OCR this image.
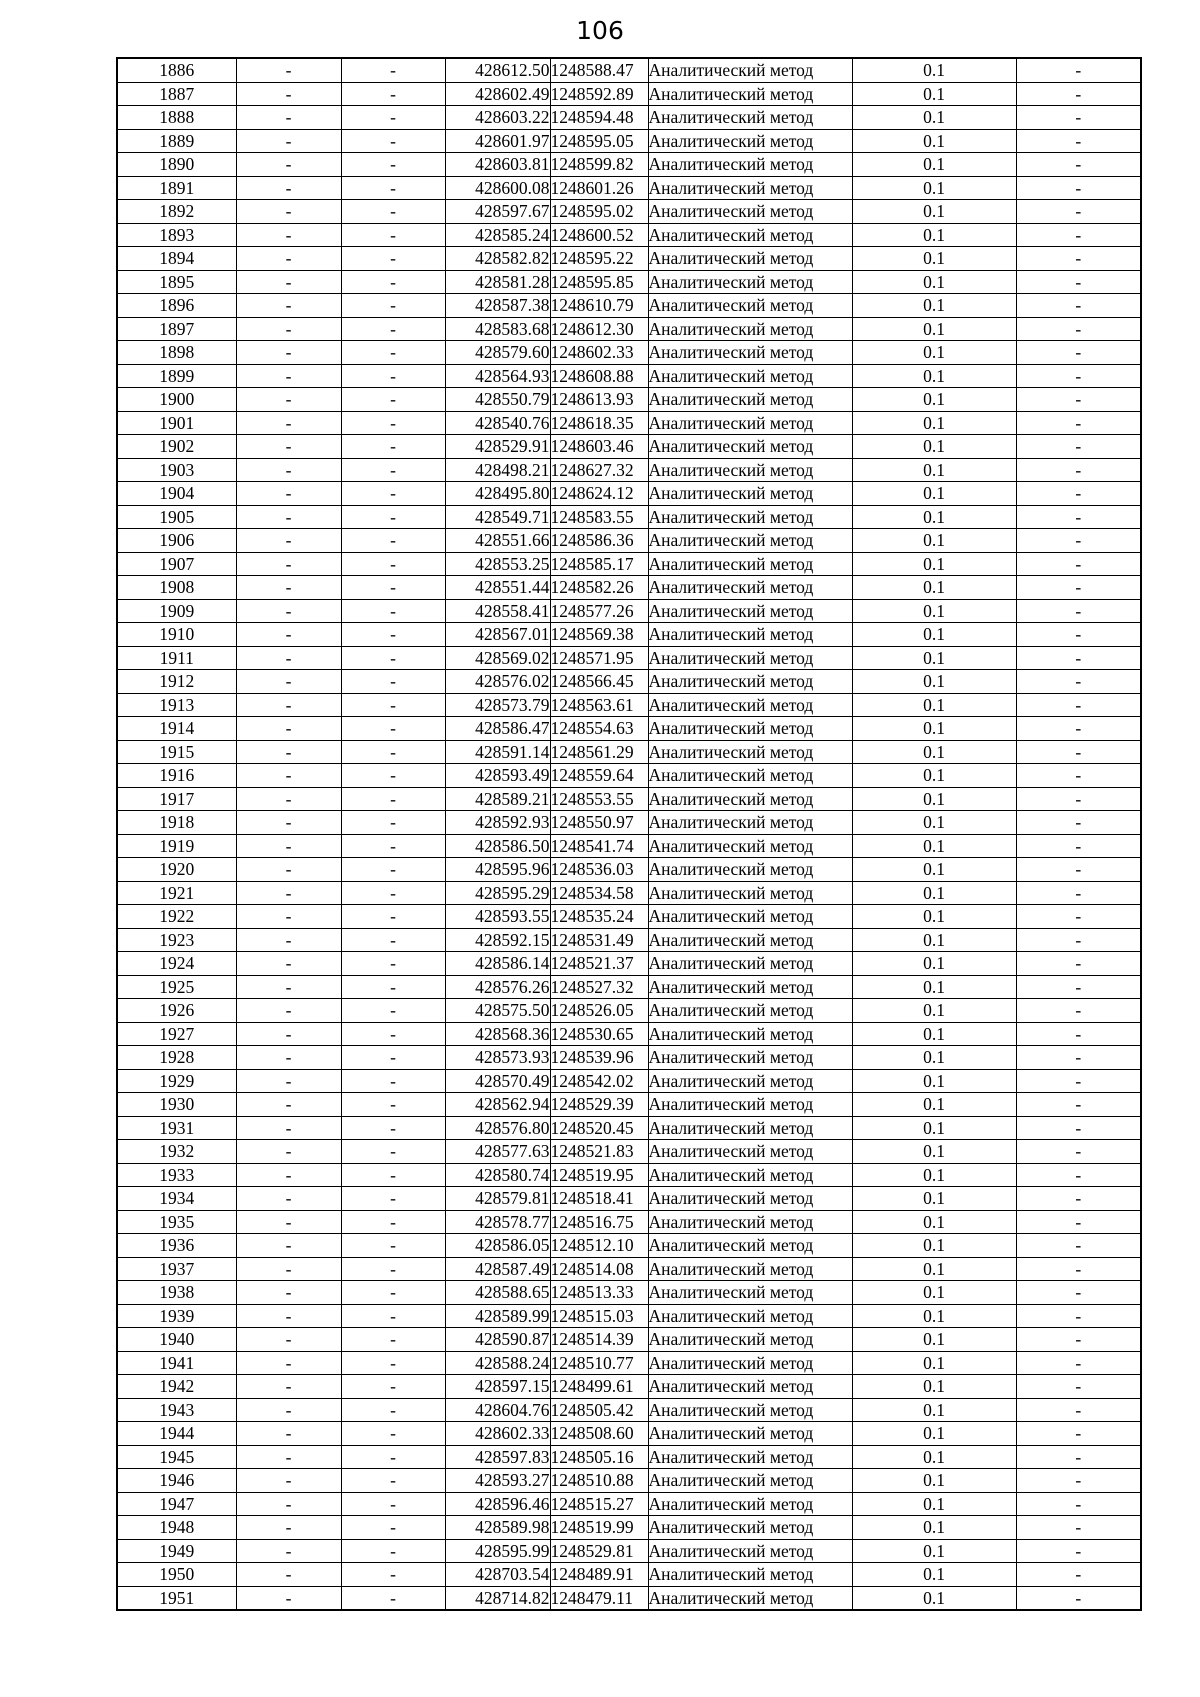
106
1886	-	-	428612.50	1248588.47	Аналитический метод	0.1	-
1887	-	-	428602.49	1248592.89	Аналитический метод	0.1	-
1888	-	-	428603.22	1248594.48	Аналитический метод	0.1	-
1889	-	-	428601.97	1248595.05	Аналитический метод	0.1	-
1890	-	-	428603.81	1248599.82	Аналитический метод	0.1	-
1891	-	-	428600.08	1248601.26	Аналитический метод	0.1	-
1892	-	-	428597.67	1248595.02	Аналитический метод	0.1	-
1893	-	-	428585.24	1248600.52	Аналитический метод	0.1	-
1894	-	-	428582.82	1248595.22	Аналитический метод	0.1	-
1895	-	-	428581.28	1248595.85	Аналитический метод	0.1	-
1896	-	-	428587.38	1248610.79	Аналитический метод	0.1	-
1897	-	-	428583.68	1248612.30	Аналитический метод	0.1	-
1898	-	-	428579.60	1248602.33	Аналитический метод	0.1	-
1899	-	-	428564.93	1248608.88	Аналитический метод	0.1	-
1900	-	-	428550.79	1248613.93	Аналитический метод	0.1	-
1901	-	-	428540.76	1248618.35	Аналитический метод	0.1	-
1902	-	-	428529.91	1248603.46	Аналитический метод	0.1	-
1903	-	-	428498.21	1248627.32	Аналитический метод	0.1	-
1904	-	-	428495.80	1248624.12	Аналитический метод	0.1	-
1905	-	-	428549.71	1248583.55	Аналитический метод	0.1	-
1906	-	-	428551.66	1248586.36	Аналитический метод	0.1	-
1907	-	-	428553.25	1248585.17	Аналитический метод	0.1	-
1908	-	-	428551.44	1248582.26	Аналитический метод	0.1	-
1909	-	-	428558.41	1248577.26	Аналитический метод	0.1	-
1910	-	-	428567.01	1248569.38	Аналитический метод	0.1	-
1911	-	-	428569.02	1248571.95	Аналитический метод	0.1	-
1912	-	-	428576.02	1248566.45	Аналитический метод	0.1	-
1913	-	-	428573.79	1248563.61	Аналитический метод	0.1	-
1914	-	-	428586.47	1248554.63	Аналитический метод	0.1	-
1915	-	-	428591.14	1248561.29	Аналитический метод	0.1	-
1916	-	-	428593.49	1248559.64	Аналитический метод	0.1	-
1917	-	-	428589.21	1248553.55	Аналитический метод	0.1	-
1918	-	-	428592.93	1248550.97	Аналитический метод	0.1	-
1919	-	-	428586.50	1248541.74	Аналитический метод	0.1	-
1920	-	-	428595.96	1248536.03	Аналитический метод	0.1	-
1921	-	-	428595.29	1248534.58	Аналитический метод	0.1	-
1922	-	-	428593.55	1248535.24	Аналитический метод	0.1	-
1923	-	-	428592.15	1248531.49	Аналитический метод	0.1	-
1924	-	-	428586.14	1248521.37	Аналитический метод	0.1	-
1925	-	-	428576.26	1248527.32	Аналитический метод	0.1	-
1926	-	-	428575.50	1248526.05	Аналитический метод	0.1	-
1927	-	-	428568.36	1248530.65	Аналитический метод	0.1	-
1928	-	-	428573.93	1248539.96	Аналитический метод	0.1	-
1929	-	-	428570.49	1248542.02	Аналитический метод	0.1	-
1930	-	-	428562.94	1248529.39	Аналитический метод	0.1	-
1931	-	-	428576.80	1248520.45	Аналитический метод	0.1	-
1932	-	-	428577.63	1248521.83	Аналитический метод	0.1	-
1933	-	-	428580.74	1248519.95	Аналитический метод	0.1	-
1934	-	-	428579.81	1248518.41	Аналитический метод	0.1	-
1935	-	-	428578.77	1248516.75	Аналитический метод	0.1	-
1936	-	-	428586.05	1248512.10	Аналитический метод	0.1	-
1937	-	-	428587.49	1248514.08	Аналитический метод	0.1	-
1938	-	-	428588.65	1248513.33	Аналитический метод	0.1	-
1939	-	-	428589.99	1248515.03	Аналитический метод	0.1	-
1940	-	-	428590.87	1248514.39	Аналитический метод	0.1	-
1941	-	-	428588.24	1248510.77	Аналитический метод	0.1	-
1942	-	-	428597.15	1248499.61	Аналитический метод	0.1	-
1943	-	-	428604.76	1248505.42	Аналитический метод	0.1	-
1944	-	-	428602.33	1248508.60	Аналитический метод	0.1	-
1945	-	-	428597.83	1248505.16	Аналитический метод	0.1	-
1946	-	-	428593.27	1248510.88	Аналитический метод	0.1	-
1947	-	-	428596.46	1248515.27	Аналитический метод	0.1	-
1948	-	-	428589.98	1248519.99	Аналитический метод	0.1	-
1949	-	-	428595.99	1248529.81	Аналитический метод	0.1	-
1950	-	-	428703.54	1248489.91	Аналитический метод	0.1	-
1951	-	-	428714.82	1248479.11	Аналитический метод	0.1	-
